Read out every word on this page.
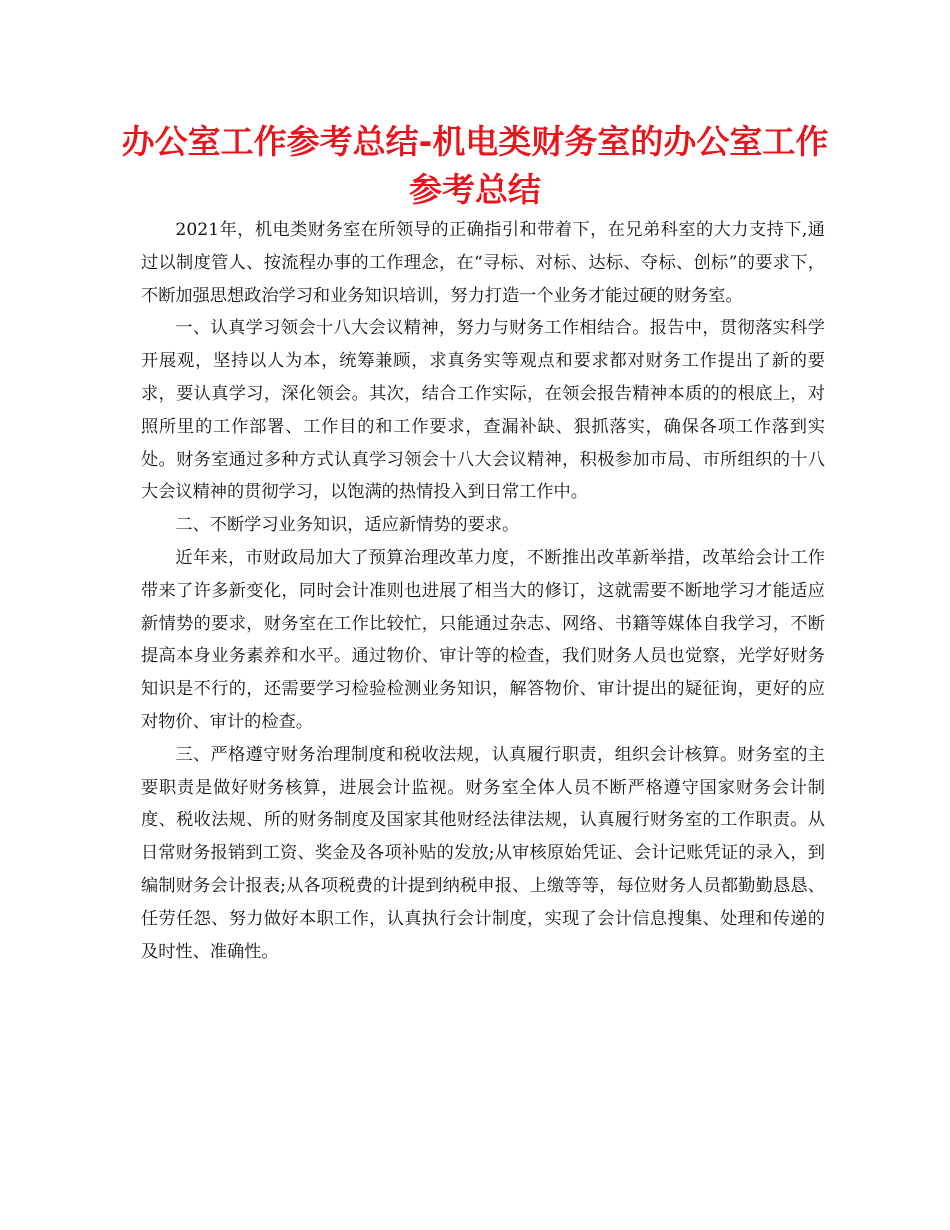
办公室工作参考总结-机电类财务室的办公室工作参考总结

2021年，机电类财务室在所领导的正确指引和带着下，在兄弟科室的大力支持下,通过以制度管人、按流程办事的工作理念，在“寻标、对标、达标、夺标、创标”的要求下，不断加强思想政治学习和业务知识培训，努力打造一个业务才能过硬的财务室。

一、认真学习领会十八大会议精神，努力与财务工作相结合。报告中，贯彻落实科学开展观，坚持以人为本，统筹兼顾，求真务实等观点和要求都对财务工作提出了新的要求，要认真学习，深化领会。其次，结合工作实际，在领会报告精神本质的的根底上，对照所里的工作部署、工作目的和工作要求，查漏补缺、狠抓落实，确保各项工作落到实处。财务室通过多种方式认真学习领会十八大会议精神，积极参加市局、市所组织的十八大会议精神的贯彻学习，以饱满的热情投入到日常工作中。

二、不断学习业务知识，适应新情势的要求。

近年来，市财政局加大了预算治理改革力度，不断推出改革新举措，改革给会计工作带来了许多新变化，同时会计准则也进展了相当大的修订，这就需要不断地学习才能适应新情势的要求，财务室在工作比较忙，只能通过杂志、网络、书籍等媒体自我学习，不断提高本身业务素养和水平。通过物价、审计等的检查，我们财务人员也觉察，光学好财务知识是不行的，还需要学习检验检测业务知识，解答物价、审计提出的疑征询，更好的应对物价、审计的检查。

三、严格遵守财务治理制度和税收法规，认真履行职责，组织会计核算。财务室的主要职责是做好财务核算，进展会计监视。财务室全体人员不断严格遵守国家财务会计制度、税收法规、所的财务制度及国家其他财经法律法规，认真履行财务室的工作职责。从日常财务报销到工资、奖金及各项补贴的发放;从审核原始凭证、会计记账凭证的录入，到编制财务会计报表;从各项税费的计提到纳税申报、上缴等等，每位财务人员都勤勤恳恳、任劳任怨、努力做好本职工作，认真执行会计制度，实现了会计信息搜集、处理和传递的及时性、准确性。
